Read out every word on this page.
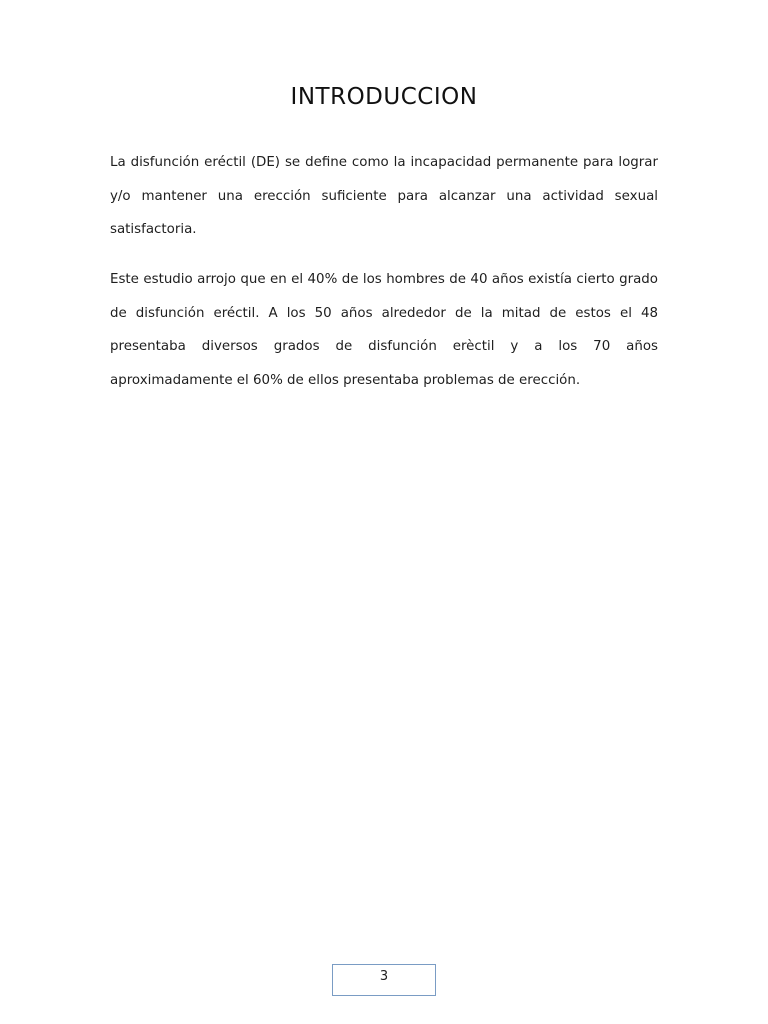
INTRODUCCION

La disfunción eréctil (DE) se define como la incapacidad permanente para lograr y/o mantener una erección suficiente para alcanzar una actividad sexual satisfactoria.

Este estudio arrojo que en el 40% de los hombres de 40 años existía cierto grado de disfunción eréctil. A los 50 años alrededor de la mitad de estos el 48 presentaba diversos grados de disfunción erèctil y a los 70 años aproximadamente el 60% de ellos presentaba problemas de erección.

3
